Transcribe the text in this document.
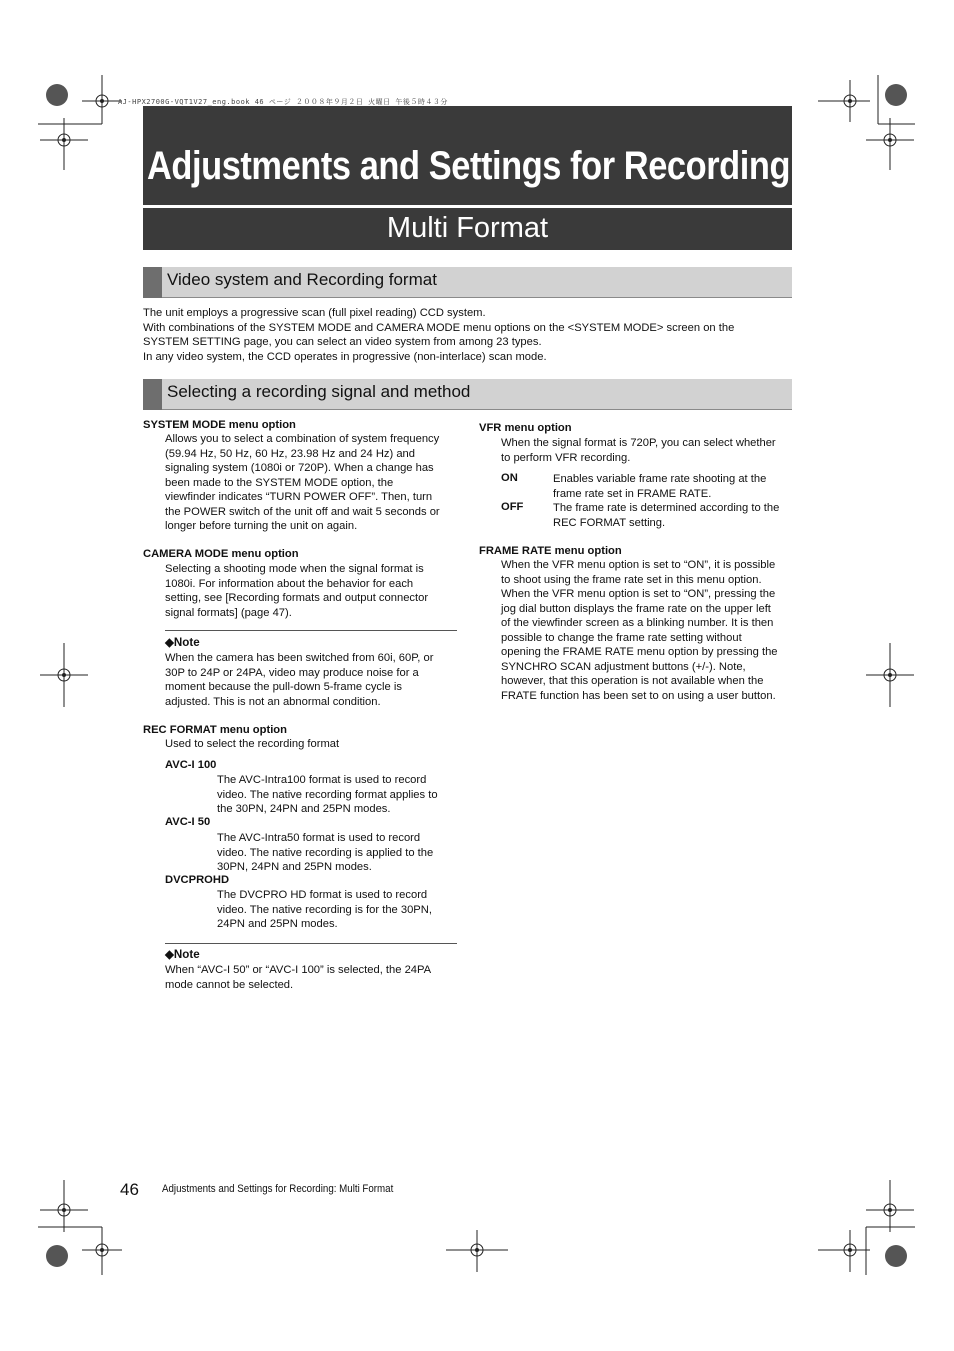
AJ-HPX2700G-VQT1V27_eng.book 46 ページ ２００８年９月２日 火曜日 午後５時４３分
Adjustments and Settings for Recording
Multi Format
Video system and Recording format
The unit employs a progressive scan (full pixel reading) CCD system.
With combinations of the SYSTEM MODE and CAMERA MODE menu options on the <SYSTEM MODE> screen on the
SYSTEM SETTING page, you can select an video system from among 23 types.
In any video system, the CCD operates in progressive (non-interlace) scan mode.
Selecting a recording signal and method
SYSTEM MODE menu option
Allows you to select a combination of system frequency
(59.94 Hz, 50 Hz, 60 Hz, 23.98 Hz and 24 Hz) and
signaling system (1080i or 720P). When a change has
been made to the SYSTEM MODE option, the
viewfinder indicates “TURN POWER OFF”. Then, turn
the POWER switch of the unit off and wait 5 seconds or
longer before turning the unit on again.
CAMERA MODE menu option
Selecting a shooting mode when the signal format is
1080i. For information about the behavior for each
setting, see [Recording formats and output connector
signal formats] (page 47).
◆Note
When the camera has been switched from 60i, 60P, or
30P to 24P or 24PA, video may produce noise for a
moment because the pull-down 5-frame cycle is
adjusted. This is not an abnormal condition.
REC FORMAT menu option
Used to select the recording format
AVC-I 100
The AVC-Intra100 format is used to record
video. The native recording format applies to
the 30PN, 24PN and 25PN modes.
AVC-I 50
The AVC-Intra50 format is used to record
video. The native recording is applied to the
30PN, 24PN and 25PN modes.
DVCPROHD
The DVCPRO HD format is used to record
video. The native recording is for the 30PN,
24PN and 25PN modes.
◆Note
When “AVC-I 50” or “AVC-I 100” is selected, the 24PA
mode cannot be selected.
VFR menu option
When the signal format is 720P, you can select whether
to perform VFR recording.
ON	Enables variable frame rate shooting at the
frame rate set in FRAME RATE.
OFF	The frame rate is determined according to the
REC FORMAT setting.
FRAME RATE menu option
When the VFR menu option is set to “ON”, it is possible
to shoot using the frame rate set in this menu option.
When the VFR menu option is set to “ON”, pressing the
jog dial button displays the frame rate on the upper left
of the viewfinder screen as a blinking number. It is then
possible to change the frame rate setting without
opening the FRAME RATE menu option by pressing the
SYNCHRO SCAN adjustment buttons (+/-). Note,
however, that this operation is not available when the
FRATE function has been set to on using a user button.
46 Adjustments and Settings for Recording: Multi Format
